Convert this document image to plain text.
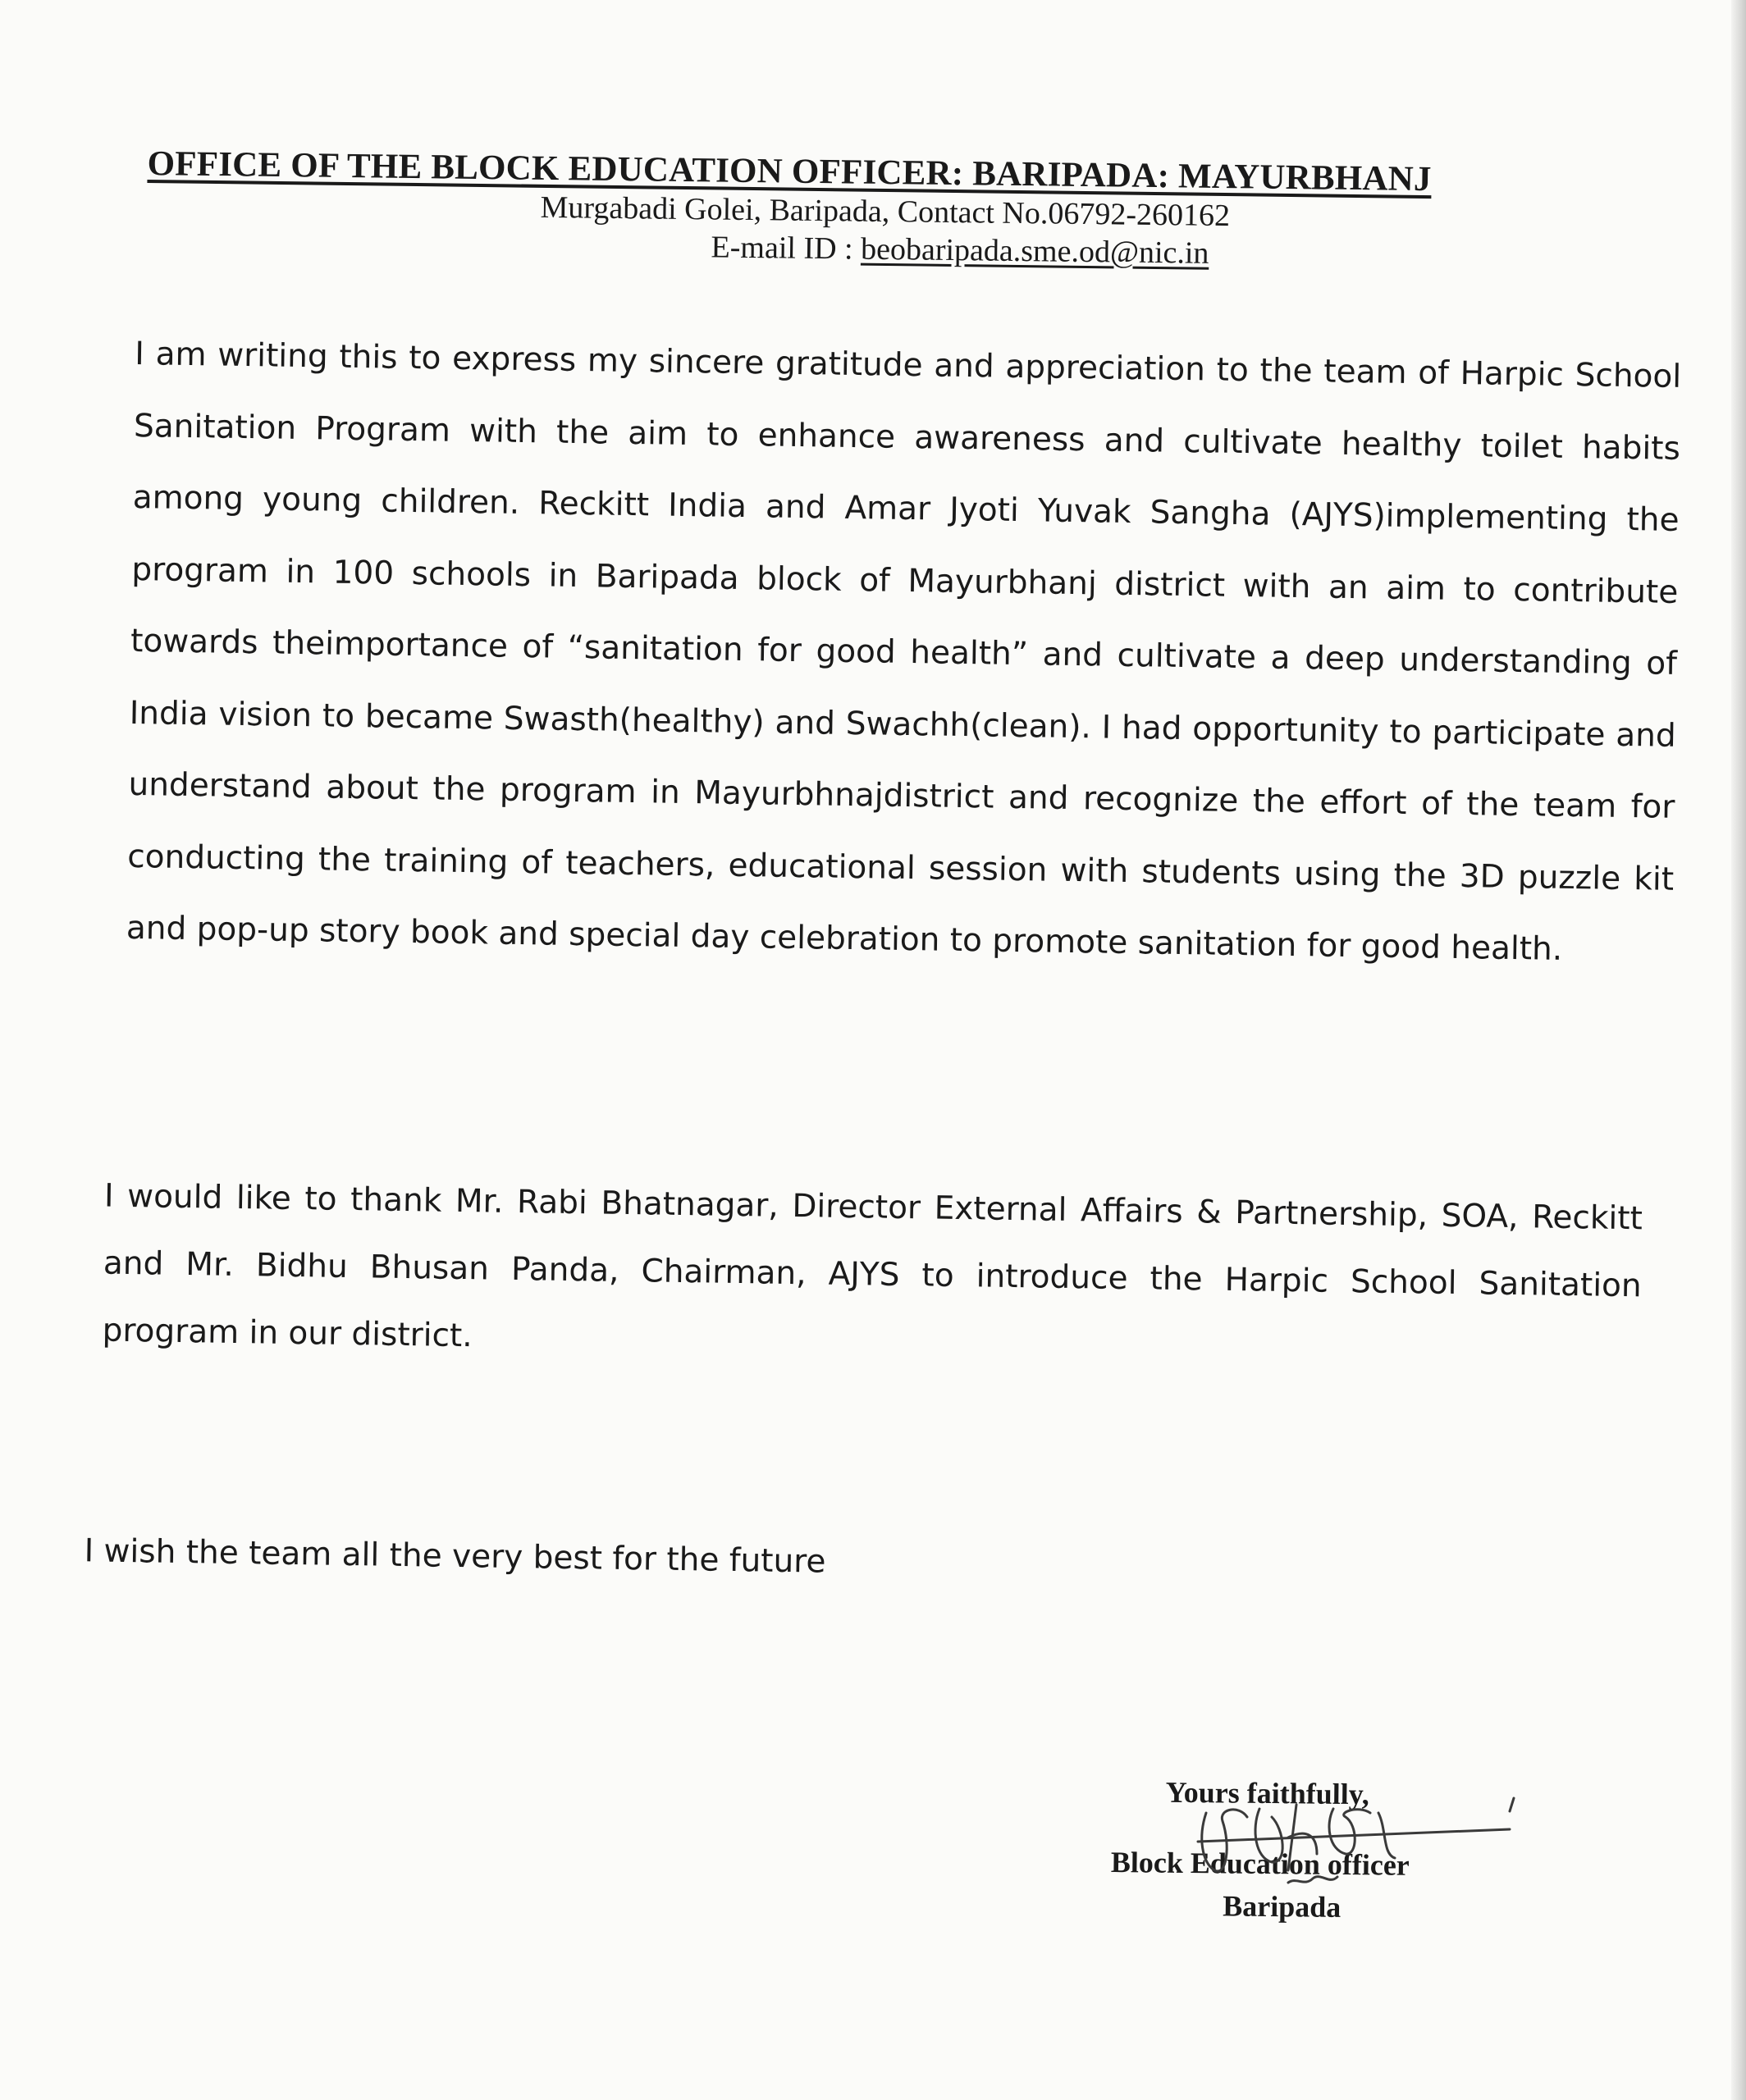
OFFICE OF THE BLOCK EDUCATION OFFICER: BARIPADA: MAYURBHANJ
Murgabadi Golei, Baripada, Contact No.06792-260162
E-mail ID : beobaripada.sme.od@nic.in

I am writing this to express my sincere gratitude and appreciation to the team of Harpic School Sanitation Program with the aim to enhance awareness and cultivate healthy toilet habits among young children. Reckitt India and Amar Jyoti Yuvak Sangha (AJYS)implementing the program in 100 schools in Baripada block of Mayurbhanj district with an aim to contribute towards theimportance of “sanitation for good health” and cultivate a deep understanding of India vision to became Swasth(healthy) and Swachh(clean). I had opportunity to participate and understand about the program in Mayurbhnajdistrict and recognize the effort of the team for conducting the training of teachers, educational session with students using the 3D puzzle kit and pop-up story book and special day celebration to promote sanitation for good health.

I would like to thank Mr. Rabi Bhatnagar, Director External Affairs & Partnership, SOA, Reckitt and Mr. Bidhu Bhusan Panda, Chairman, AJYS to introduce the Harpic School Sanitation program in our district.

I wish the team all the very best for the future

Yours faithfully,
Block Education officer
Baripada
